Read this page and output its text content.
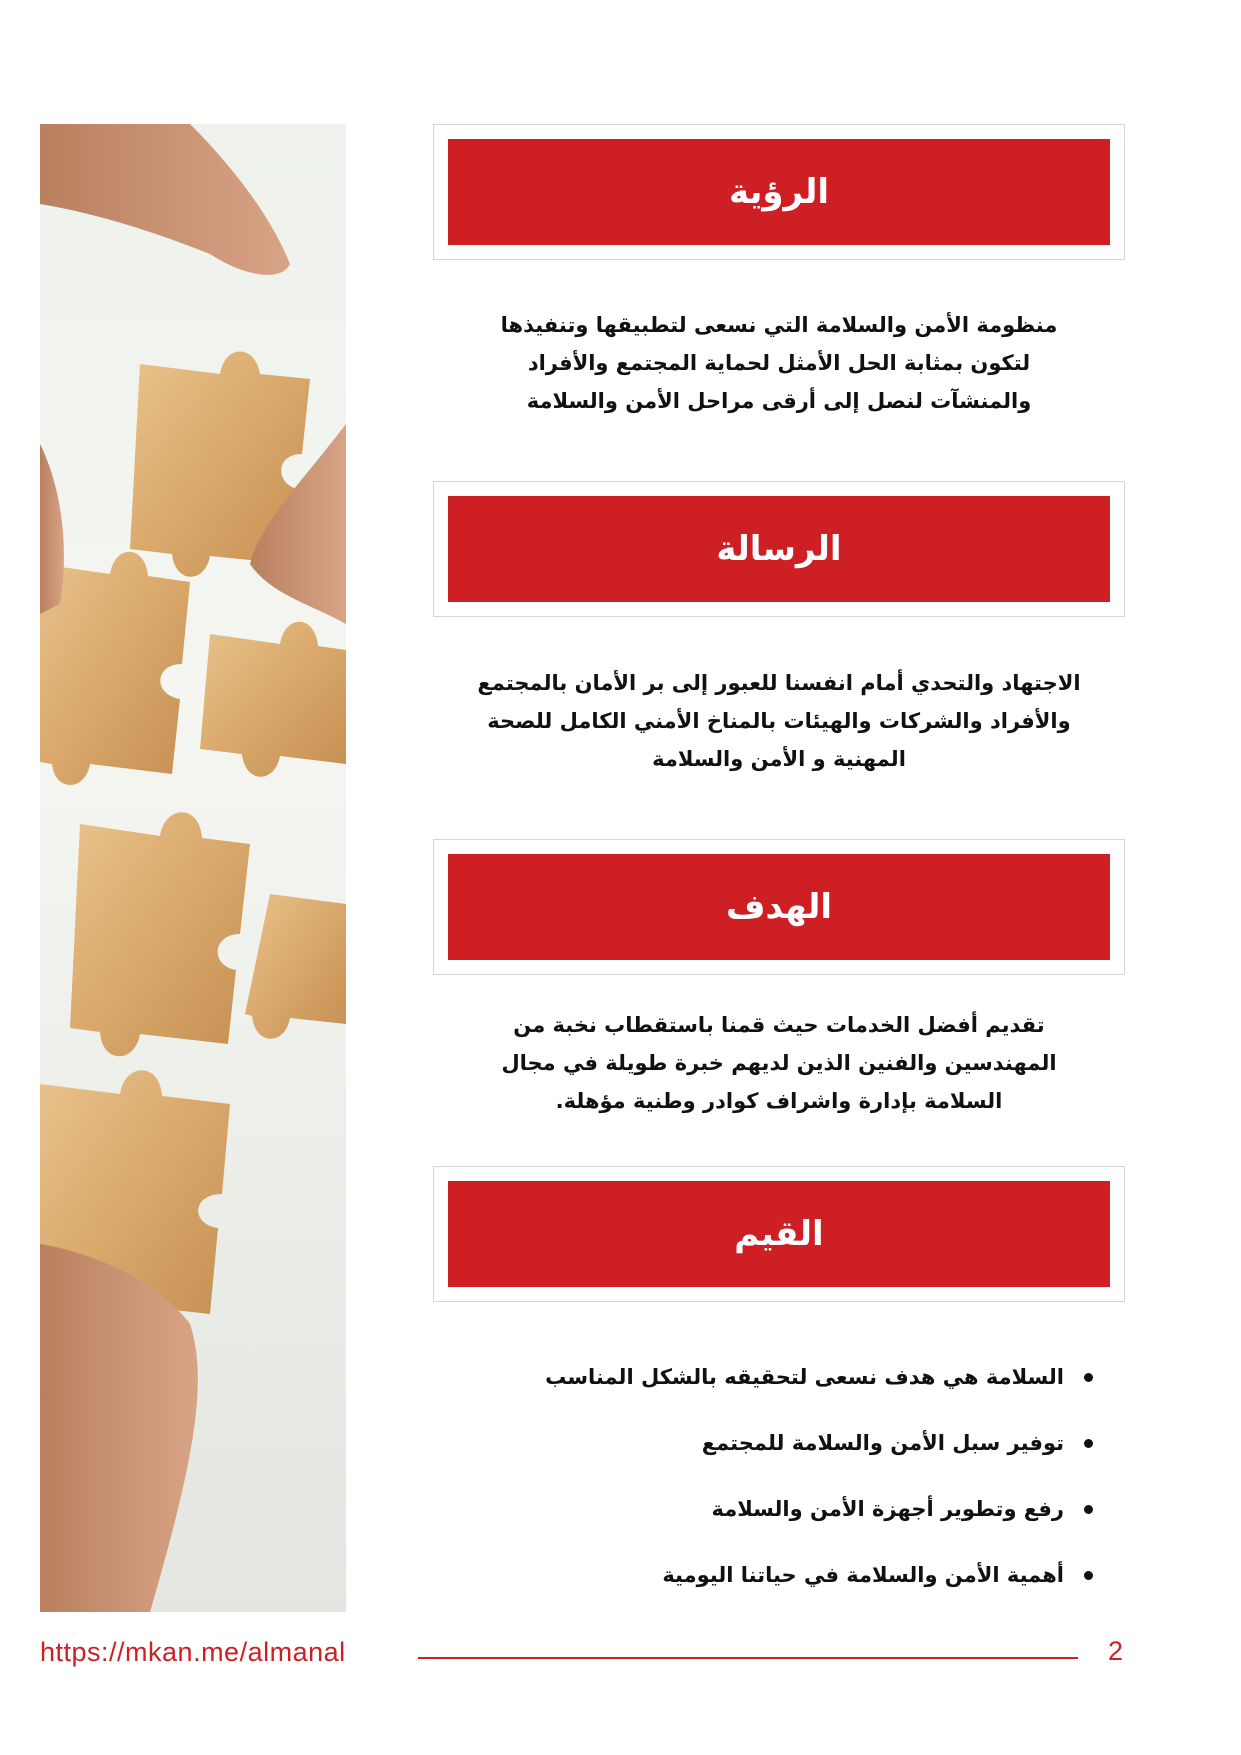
الرؤية
منظومة الأمن والسلامة التي نسعى لتطبيقها وتنفيذها
لتكون بمثابة الحل الأمثل لحماية المجتمع والأفراد
والمنشآت لنصل إلى أرقى مراحل الأمن والسلامة
الرسالة
الاجتهاد والتحدي أمام انفسنا للعبور إلى بر الأمان بالمجتمع
والأفراد والشركات والهيئات بالمناخ الأمني الكامل للصحة
المهنية و الأمن والسلامة
الهدف
تقديم أفضل الخدمات حيث قمنا باستقطاب نخبة من
المهندسين والفنين الذين لديهم خبرة طويلة في مجال
السلامة بإدارة واشراف كوادر وطنية مؤهلة.
القيم
السلامة هي هدف نسعى لتحقيقه بالشكل المناسب
توفير سبل الأمن والسلامة للمجتمع
رفع وتطوير أجهزة الأمن والسلامة
أهمية الأمن والسلامة في حياتنا اليومية
https://mkan.me/almanal	2
